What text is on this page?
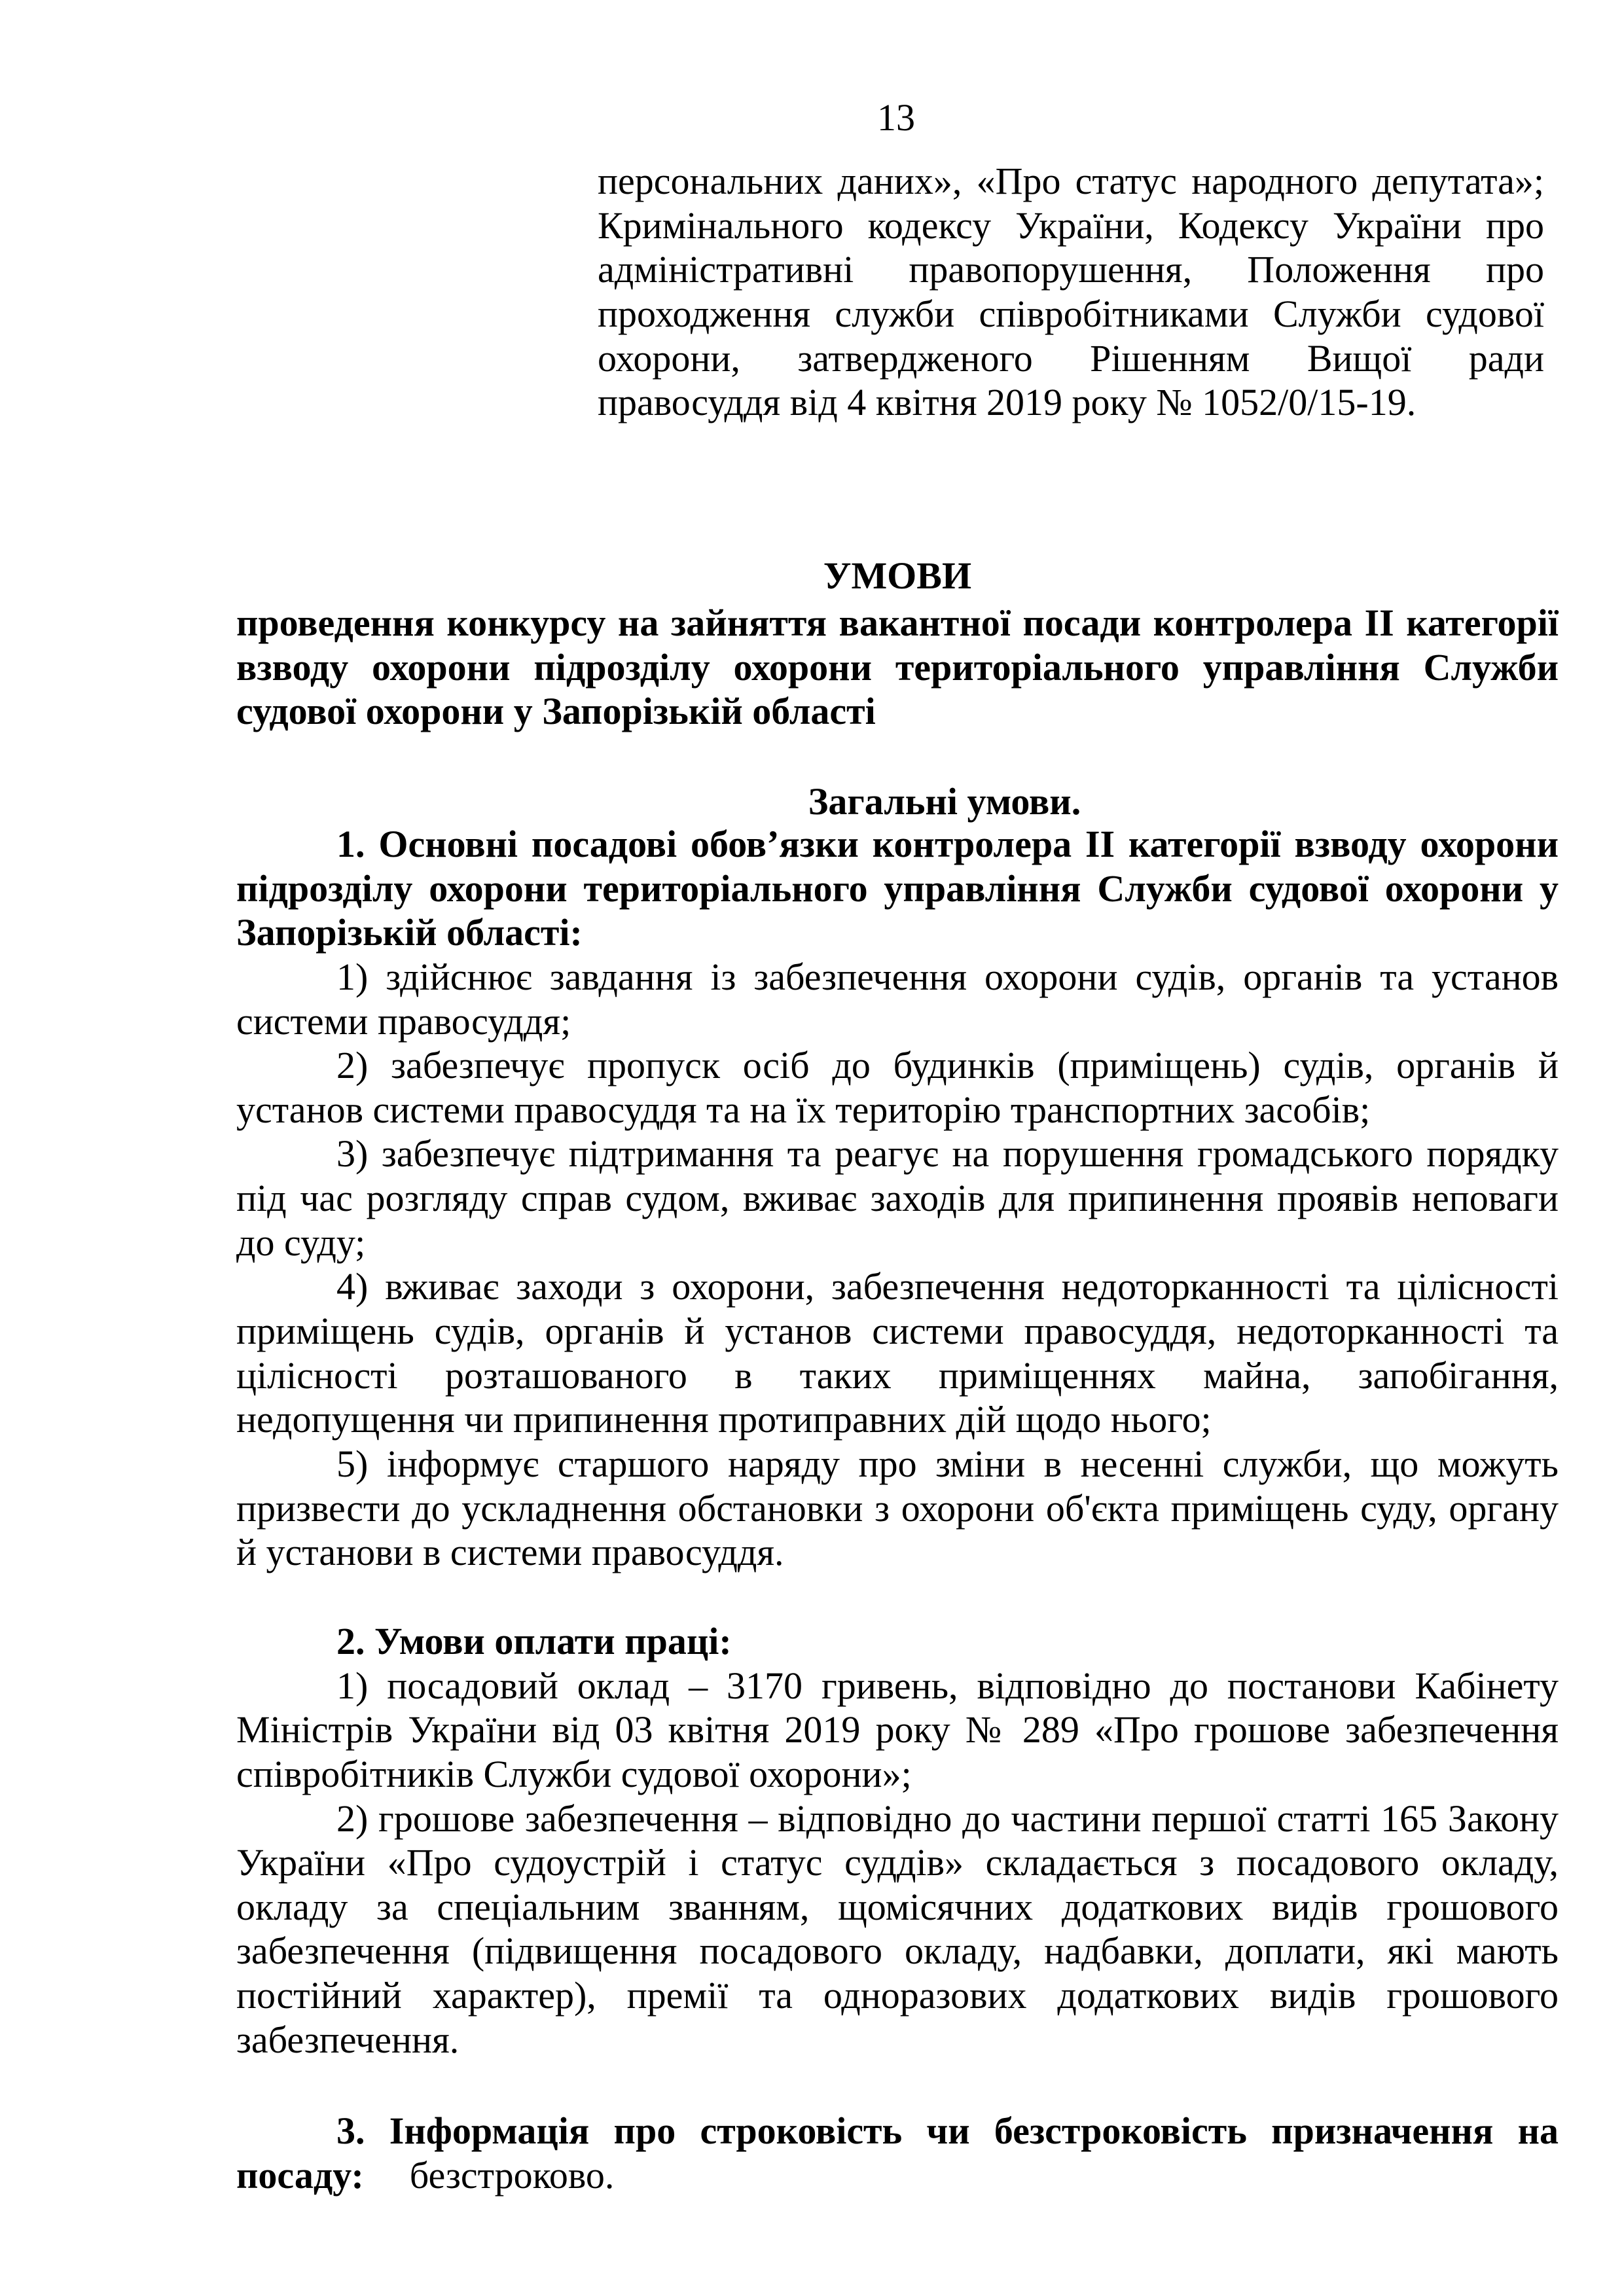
13
персональних даних», «Про статус народного депутата»;
Кримінального кодексу України, Кодексу України про
адміністративні правопорушення, Положення про
проходження служби співробітниками Служби судової
охорони, затвердженого Рішенням Вищої ради
правосуддя від 4 квітня 2019 року № 1052/0/15-19.
УМОВИ
проведення конкурсу на зайняття вакантної посади контролера II категорії
взводу охорони підрозділу охорони територіального управління Служби
судової охорони у Запорізькій області
Загальні умови.
1. Основні посадові обов’язки контролера II категорії взводу охорони
підрозділу охорони територіального управління Служби судової охорони у
Запорізькій області:
1) здійснює завдання із забезпечення охорони судів, органів та установ
системи правосуддя;
2) забезпечує пропуск осіб до будинків (приміщень) судів, органів й
установ системи правосуддя та на їх територію транспортних засобів;
3) забезпечує підтримання та реагує на порушення громадського порядку
під час розгляду справ судом, вживає заходів для припинення проявів неповаги
до суду;
4) вживає заходи з охорони, забезпечення недоторканності та цілісності
приміщень судів, органів й установ системи правосуддя, недоторканності та
цілісності розташованого в таких приміщеннях майна, запобігання,
недопущення чи припинення протиправних дій щодо нього;
5) інформує старшого наряду про зміни в несенні служби, що можуть
призвести до ускладнення обстановки з охорони об'єкта приміщень суду, органу
й установи в системи правосуддя.
2. Умови оплати праці:
1) посадовий оклад – 3170 гривень, відповідно до постанови Кабінету
Міністрів України від 03 квітня 2019 року № 289 «Про грошове забезпечення
співробітників Служби судової охорони»;
2) грошове забезпечення – відповідно до частини першої статті 165 Закону
України «Про судоустрій і статус суддів» складається з посадового окладу,
окладу за спеціальним званням, щомісячних додаткових видів грошового
забезпечення (підвищення посадового окладу, надбавки, доплати, які мають
постійний характер), премії та одноразових додаткових видів грошового
забезпечення.
3. Інформація про строковість чи безстроковість призначення на
посаду: безстроково.
